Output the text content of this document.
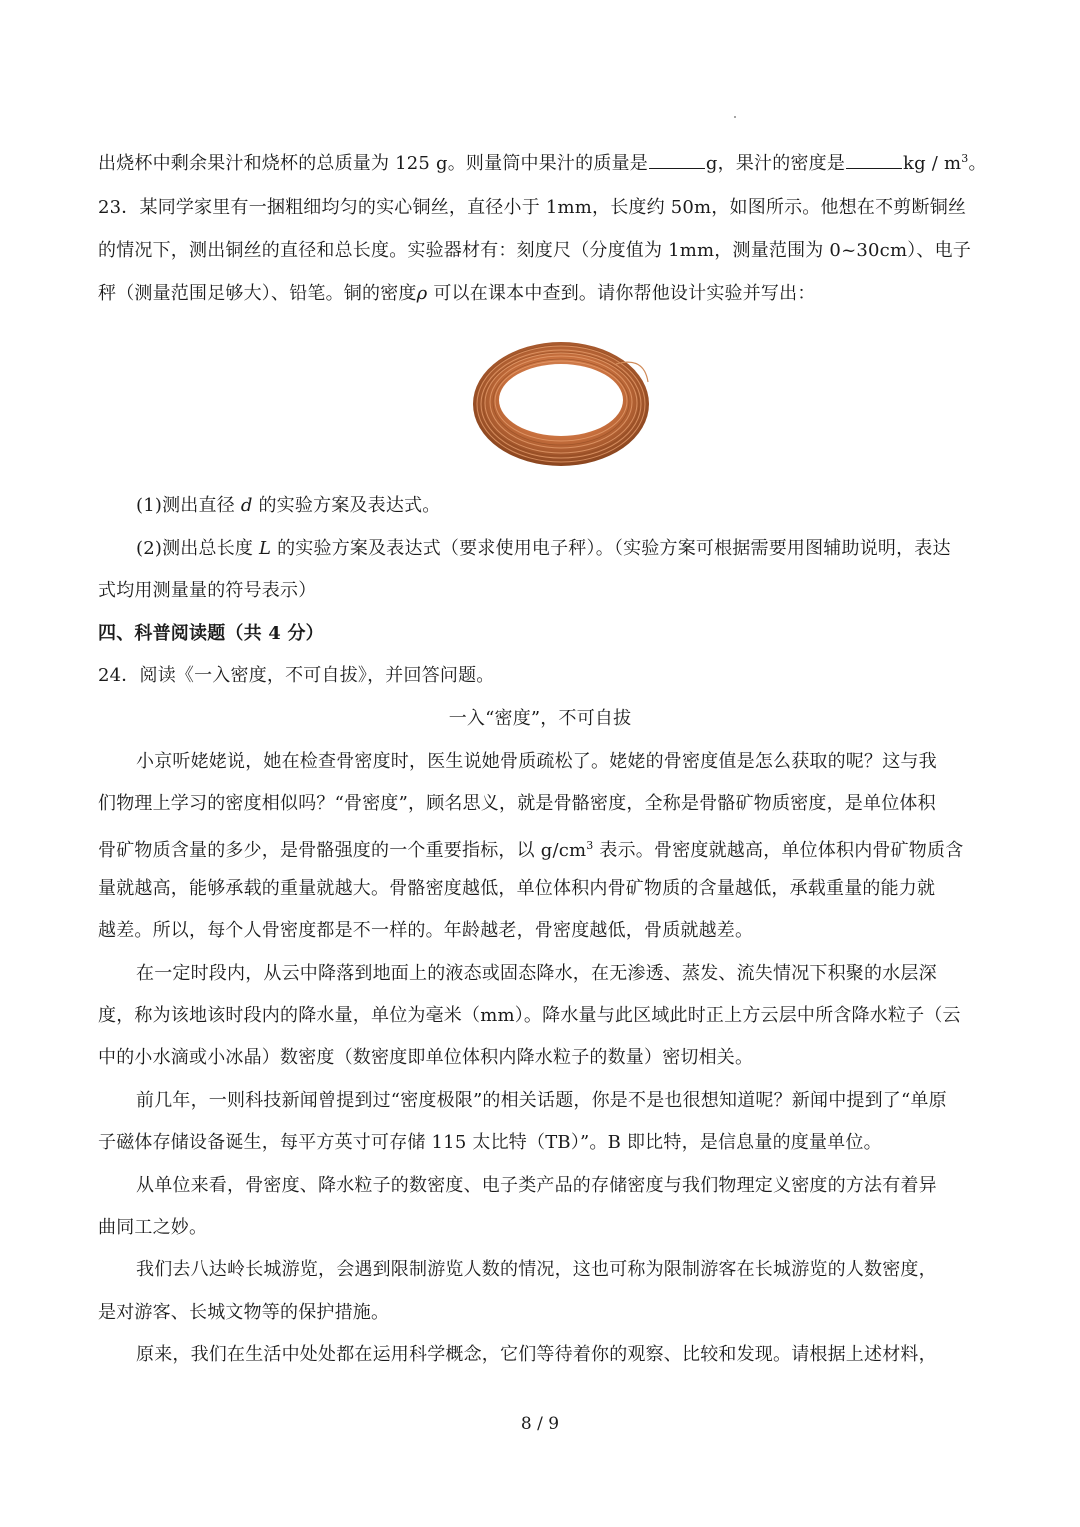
出烧杯中剩余果汁和烧杯的总质量为 125 g。则量筒中果汁的质量是	g，果汁的密度是	kg / $m^3$。
23．某同学家里有一捆粗细均匀的实心铜丝，直径小于 1mm，长度约 50m，如图所示。他想在不剪断铜丝
的情况下，测出铜丝的直径和总长度。实验器材有：刻度尺（分度值为 1mm，测量范围为 0~30cm）、电子
秤（测量范围足够大）、铅笔。铜的密度ρ 可以在课本中查到。请你帮他设计实验并写出：
(1)测出直径 d 的实验方案及表达式。
(2)测出总长度 L 的实验方案及表达式（要求使用电子秤）。（实验方案可根据需要用图辅助说明，表达
式均用测量量的符号表示）
四、科普阅读题（共 4 分）
24．阅读《一入密度，不可自拔》，并回答问题。
一入“密度”，不可自拔
小京听姥姥说，她在检查骨密度时，医生说她骨质疏松了。姥姥的骨密度值是怎么获取的呢？这与我
们物理上学习的密度相似吗？“骨密度”，顾名思义，就是骨骼密度，全称是骨骼矿物质密度，是单位体积
骨矿物质含量的多少，是骨骼强度的一个重要指标，以 $g/cm^3$ 表示。骨密度就越高，单位体积内骨矿物质含
量就越高，能够承载的重量就越大。骨骼密度越低，单位体积内骨矿物质的含量越低，承载重量的能力就
越差。所以，每个人骨密度都是不一样的。年龄越老，骨密度越低，骨质就越差。
在一定时段内，从云中降落到地面上的液态或固态降水，在无渗透、蒸发、流失情况下积聚的水层深
度，称为该地该时段内的降水量，单位为毫米（mm）。降水量与此区域此时正上方云层中所含降水粒子（云
中的小水滴或小冰晶）数密度（数密度即单位体积内降水粒子的数量）密切相关。
前几年，一则科技新闻曾提到过“密度极限”的相关话题，你是不是也很想知道呢？新闻中提到了“单原
子磁体存储设备诞生，每平方英寸可存储 115 太比特（TB）”。B 即比特，是信息量的度量单位。
从单位来看，骨密度、降水粒子的数密度、电子类产品的存储密度与我们物理定义密度的方法有着异
曲同工之妙。
我们去八达岭长城游览，会遇到限制游览人数的情况，这也可称为限制游客在长城游览的人数密度，
是对游客、长城文物等的保护措施。
原来，我们在生活中处处都在运用科学概念，它们等待着你的观察、比较和发现。请根据上述材料，
8 / 9
